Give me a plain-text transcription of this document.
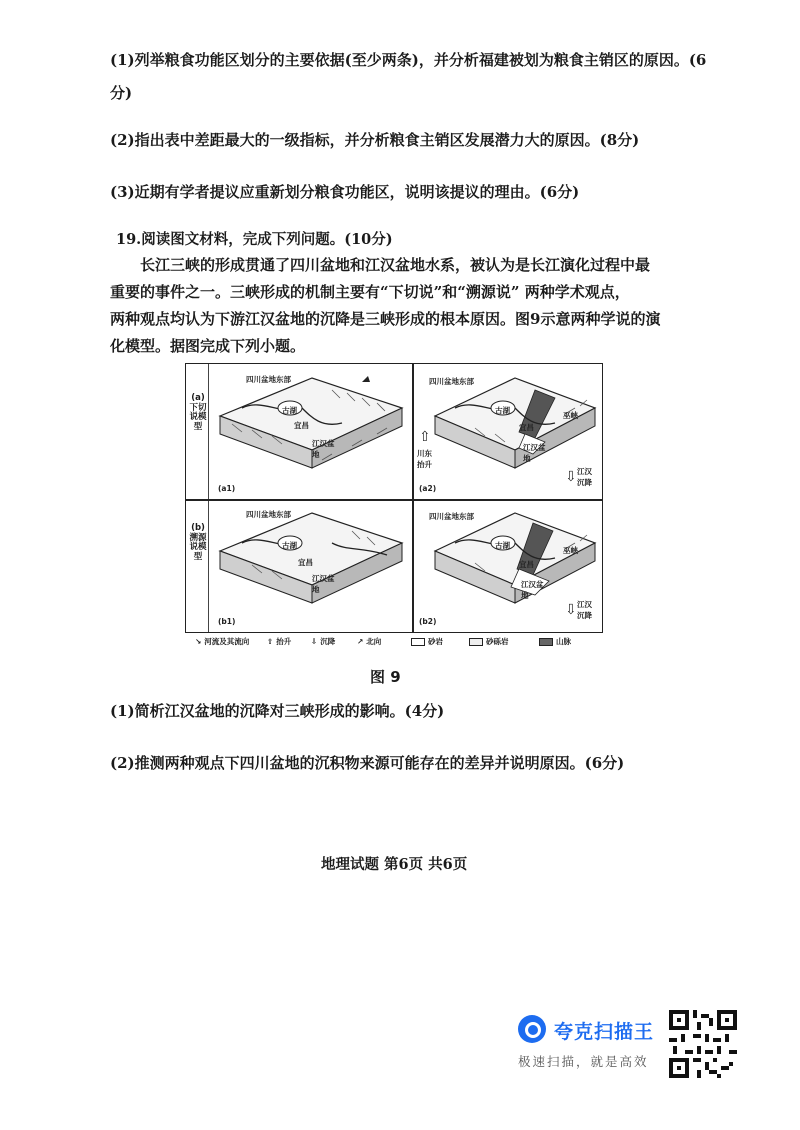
(1)列举粮食功能区划分的主要依据(至少两条)，并分析福建被划为粮食主销区的原因。(6分)
(2)指出表中差距最大的一级指标，并分析粮食主销区发展潜力大的原因。(8分)
(3)近期有学者提议应重新划分粮食功能区，说明该提议的理由。(6分)
19.阅读图文材料，完成下列问题。(10分)
长江三峡的形成贯通了四川盆地和江汉盆地水系，被认为是长江演化过程中最
重要的事件之一。三峡形成的机制主要有“下切说”和“溯源说” 两种学术观点，
两种观点均认为下游江汉盆地的沉降是三峡形成的根本原因。图9示意两种学说的演
化模型。据图完成下列小题。
(a)下切说模型
(b)溯源说模型
四川盆地东部
古湖
宜昌
江汉盆地
(a1)
四川盆地东部
古湖
宜昌
巫峡
江汉盆地
⇧
川东抬升
⇩ 江汉沉降
(a2)
四川盆地东部
古湖
宜昌
江汉盆地
(b1)
四川盆地东部
古湖
宜昌
巫峡
江汉盆地
⇩ 江汉沉降
(b2)
↘ 河流及其流向 ⇧ 抬升	⇩ 沉降	↗ 北向	砂岩	砂砾岩	山脉
图 9
(1)简析江汉盆地的沉降对三峡形成的影响。(4分)
(2)推测两种观点下四川盆地的沉积物来源可能存在的差异并说明原因。(6分)
地理试题 第6页 共6页
夸克扫描王
极速扫描，就是高效
